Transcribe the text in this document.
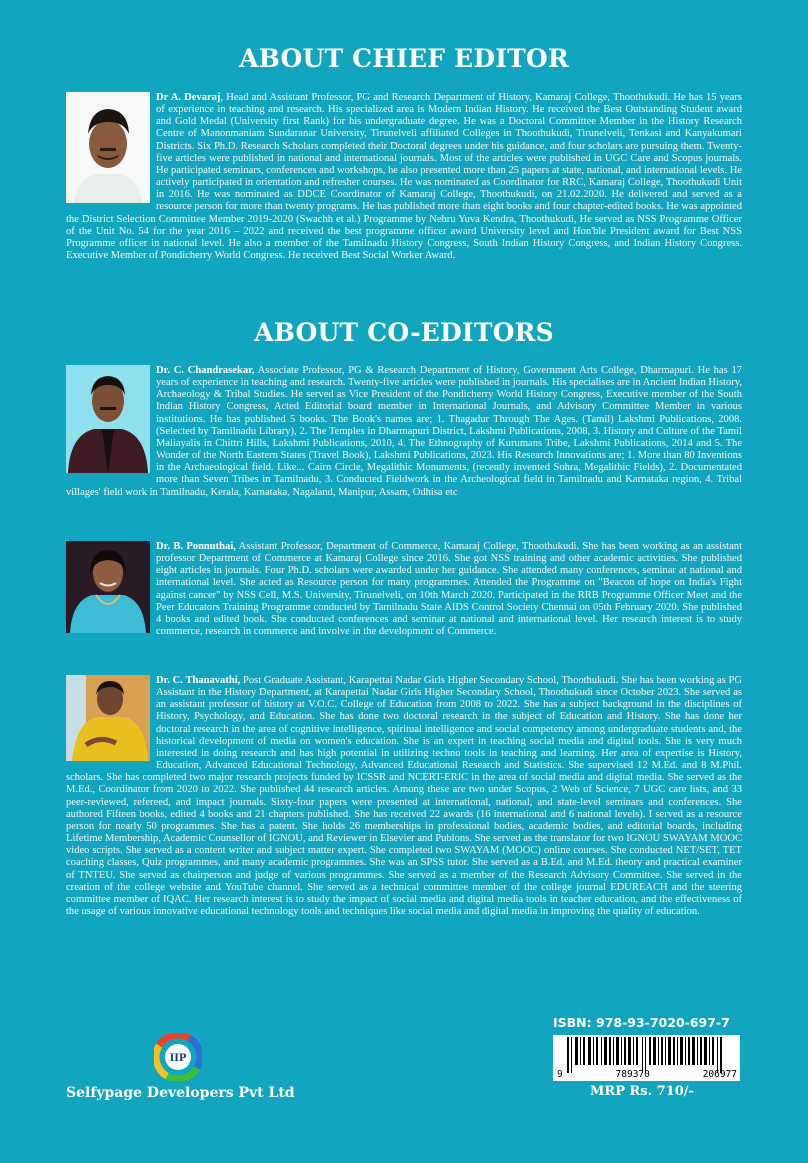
ABOUT CHIEF EDITOR
Dr A. Devaraj, Head and Assistant Professor, PG and Research Department of History, Kamaraj College, Thoothukudi. He has 15 years of experience in teaching and research. His specialized area is Modern Indian History. He received the Best Outstanding Student award and Gold Medal (University first Rank) for his undergraduate degree. He was a Doctoral Committee Member in the History Research Centre of Manonmaniam Sundaranar University, Tirunelveli affiliated Colleges in Thoothukudi, Tirunelveli, Tenkasi and Kanyakumari Districts. Six Ph.D. Research Scholars completed their Doctoral degrees under his guidance, and four scholars are pursuing them. Twenty-five articles were published in national and international journals. Most of the articles were published in UGC Care and Scopus journals. He participated seminars, conferences and workshops, he also presented more than 25 papers at state, national, and international levels. He actively participated in orientation and refresher courses. He was nominated as Coordinator for RRC, Kamaraj College, Thoothukudi Unit in 2016. He was nominated as DDCE Coordinator of Kamaraj College, Thoothukudi, on 21.02.2020. He delivered and served as a resource person for more than twenty programs. He has published more than eight books and four chapter-edited books. He was appointed the District Selection Committee Member 2019-2020 (Swachh et al.) Programme by Nehru Yuva Kendra, Thoothukudi, He served as NSS Programme Officer of the Unit No. 54 for the year 2016 – 2022 and received the best programme officer award University level and Hon'ble President award for Best NSS Programme officer in national level. He also a member of the Tamilnadu History Congress, South Indian History Congress, and Indian History Congress. Executive Member of Pondicherry World Congress. He received Best Social Worker Award.
ABOUT CO-EDITORS
Dr. C. Chandrasekar, Associate Professor, PG & Research Department of History, Government Arts College, Dharmapuri. He has 17 years of experience in teaching and research. Twenty-five articles were published in journals. His specialises are in Ancient Indian History, Archaeology & Tribal Studies. He served as Vice President of the Pondicherry World History Congress, Executive member of the South Indian History Congress, Acted Editorial board member in International Journals, and Advisory Committee Member in various institutions. He has published 5 books. The Book's names are; 1. Thagadur Through The Ages. (Tamil) Lakshmi Publications, 2008. (Selected by Tamilnadu Library), 2. The Temples in Dharmapuri District, Lakshmi Publications, 2008, 3. History and Culture of the Tamil Maliayalis in Chittri Hills, Lakshmi Publications, 2010, 4. The Ethnography of Kurumans Tribe, Lakshmi Publications, 2014 and 5. The Wonder of the North Eastern States (Travel Book), Lakshmi Publications, 2023. His Research Innovations are; 1. More than 80 Inventions in the Archaeological field. Like... Cairn Circle, Megalithic Monuments, (recently invented Sohra, Megalithic Fields), 2. Documentated more than Seven Tribes in Tamilnadu, 3. Conducted Fieldwork in the Archeological field in Tamilnadu and Karnataka region, 4. Tribal villages' field work in Tamilnadu, Kerala, Karnataka, Nagaland, Manipur, Assam, Odhisa etc
Dr. B. Ponnuthai, Assistant Professor, Department of Commerce, Kamaraj College, Thoothukudi. She has been working as an assistant professor Department of Commerce at Kamaraj College since 2016. She got NSS training and other academic activities. She published eight articles in journals. Four Ph.D. scholars were awarded under her guidance. She attended many conferences, seminar at national and international level. She acted as Resource person for many programmes. Attended the Programme on "Beacon of hope on India's Fight against cancer" by NSS Cell, M.S. University, Tirunelveli, on 10th March 2020. Participated in the RRB Programme Officer Meet and the Peer Educators Training Programme conducted by Tamilnadu State AIDS Control Society Chennai on 05th February 2020. She published 4 books and edited book. She conducted conferences and seminar at national and international level. Her research interest is to study commerce, research in commerce and involve in the development of Commerce.
Dr. C. Thanavathi, Post Graduate Assistant, Karapettai Nadar Girls Higher Secondary School, Thoothukudi. She has been working as PG Assistant in the History Department, at Karapettai Nadar Girls Higher Secondary School, Thoothukudi since October 2023. She served as an assistant professor of history at V.O.C. College of Education from 2008 to 2022. She has a subject background in the disciplines of History, Psychology, and Education. She has done two doctoral research in the subject of Education and History. She has done her doctoral research in the area of cognitive intelligence, spiritual intelligence and social competency among undergraduate students and, the historical development of media on women's education. She is an expert in teaching social media and digital tools. She is very much interested in doing research and has high potential in utilizing techno tools in teaching and learning. Her area of expertise is History, Education, Advanced Educational Technology, Advanced Educational Research and Statistics. She supervised 12 M.Ed. and 8 M.Phil. scholars. She has completed two major research projects funded by ICSSR and NCERT-ERIC in the area of social media and digital media. She served as the M.Ed., Coordinator from 2020 to 2022. She published 44 research articles. Among these are two under Scopus, 2 Web of Science, 7 UGC care lists, and 33 peer-reviewed, refereed, and impact journals. Sixty-four papers were presented at international, national, and state-level seminars and conferences. She authored Fifteen books, edited 4 books and 21 chapters published. She has received 22 awards (16 international and 6 national levels). I served as a resource person for nearly 50 programmes. She has a patent. She holds 26 memberships in professional bodies, academic bodies, and editorial boards, including Lifetime Membership, Academic Counsellor of IGNOU, and Reviewer in Elsevier and Publons. She served as the translator for two IGNOU SWAYAM MOOC video scripts. She served as a content writer and subject matter expert. She completed two SWAYAM (MOOC) online courses. She conducted NET/SET, TET coaching classes, Quiz programmes, and many academic programmes. She was an SPSS tutor. She served as a B.Ed. and M.Ed. theory and practical examiner of TNTEU. She served as chairperson and judge of various programmes. She served as a member of the Research Advisory Committee. She served in the creation of the college website and YouTube channel. She served as a technical committee member of the college journal EDUREACH and the steering committee member of IQAC. Her research interest is to study the impact of social media and digital media tools in teacher education, and the effectiveness of the usage of various innovative educational technology tools and techniques like social media and digital media in improving the quality of education.
IIP
Selfypage Developers Pvt Ltd
ISBN: 978-93-7020-697-7
9	789370	206977
MRP Rs. 710/-
